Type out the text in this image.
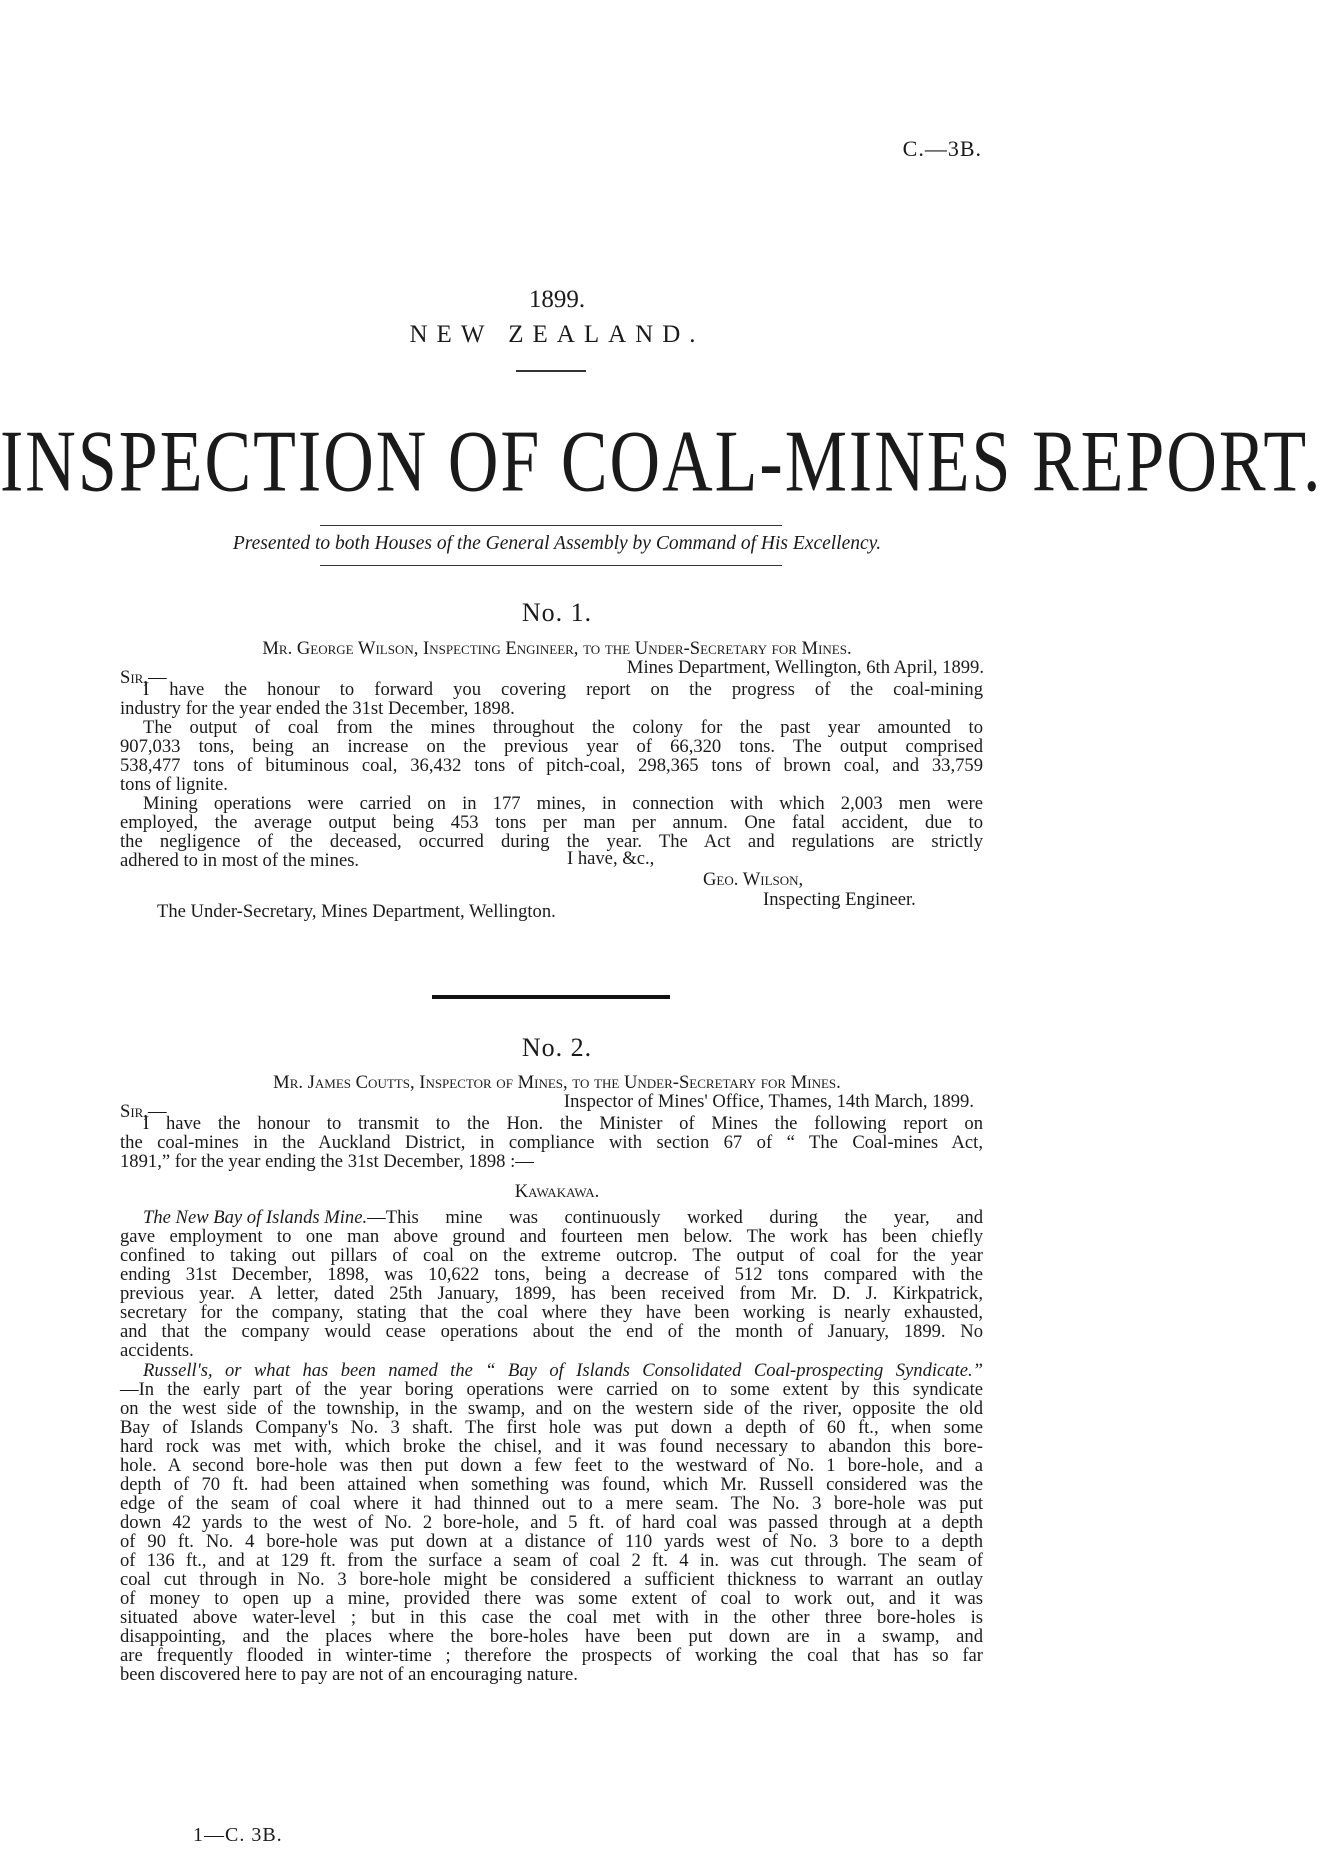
C.—3B.
1899.
NEW ZEALAND.
INSPECTION OF COAL-MINES REPORT.
Presented to both Houses of the General Assembly by Command of His Excellency.
No. 1.
Mr. George Wilson, Inspecting Engineer, to the Under-Secretary for Mines.
Sir,—	Mines Department, Wellington, 6th April, 1899.
I have the honour to forward you covering report on the progress of the coal-mining
industry for the year ended the 31st December, 1898.
The output of coal from the mines throughout the colony for the past year amounted to
907,033 tons, being an increase on the previous year of 66,320 tons. The output comprised
538,477 tons of bituminous coal, 36,432 tons of pitch-coal, 298,365 tons of brown coal, and 33,759
tons of lignite.
Mining operations were carried on in 177 mines, in connection with which 2,003 men were
employed, the average output being 453 tons per man per annum. One fatal accident, due to
the negligence of the deceased, occurred during the year. The Act and regulations are strictly
adhered to in most of the mines.	I have, &c.,
Geo. Wilson,
Inspecting Engineer.
The Under-Secretary, Mines Department, Wellington.
No. 2.
Mr. James Coutts, Inspector of Mines, to the Under-Secretary for Mines.
Sir,—	Inspector of Mines' Office, Thames, 14th March, 1899.
I have the honour to transmit to the Hon. the Minister of Mines the following report on
the coal-mines in the Auckland District, in compliance with section 67 of “ The Coal-mines Act,
1891,” for the year ending the 31st December, 1898 :—
Kawakawa.
The New Bay of Islands Mine. —This mine was continuously worked during the year, and
gave employment to one man above ground and fourteen men below. The work has been chiefly
confined to taking out pillars of coal on the extreme outcrop. The output of coal for the year
ending 31st December, 1898, was 10,622 tons, being a decrease of 512 tons compared with the
previous year. A letter, dated 25th January, 1899, has been received from Mr. D. J. Kirkpatrick,
secretary for the company, stating that the coal where they have been working is nearly exhausted,
and that the company would cease operations about the end of the month of January, 1899. No
accidents.
Russell's, or what has been named the “ Bay of Islands Consolidated Coal-prospecting Syndicate.”
—In the early part of the year boring operations were carried on to some extent by this syndicate
on the west side of the township, in the swamp, and on the western side of the river, opposite the old
Bay of Islands Company's No. 3 shaft. The first hole was put down a depth of 60 ft., when some
hard rock was met with, which broke the chisel, and it was found necessary to abandon this bore-
hole. A second bore-hole was then put down a few feet to the westward of No. 1 bore-hole, and a
depth of 70 ft. had been attained when something was found, which Mr. Russell considered was the
edge of the seam of coal where it had thinned out to a mere seam. The No. 3 bore-hole was put
down 42 yards to the west of No. 2 bore-hole, and 5 ft. of hard coal was passed through at a depth
of 90 ft. No. 4 bore-hole was put down at a distance of 110 yards west of No. 3 bore to a depth
of 136 ft., and at 129 ft. from the surface a seam of coal 2 ft. 4 in. was cut through. The seam of
coal cut through in No. 3 bore-hole might be considered a sufficient thickness to warrant an outlay
of money to open up a mine, provided there was some extent of coal to work out, and it was
situated above water-level ; but in this case the coal met with in the other three bore-holes is
disappointing, and the places where the bore-holes have been put down are in a swamp, and
are frequently flooded in winter-time ; therefore the prospects of working the coal that has so far
been discovered here to pay are not of an encouraging nature.
1—C. 3B.
